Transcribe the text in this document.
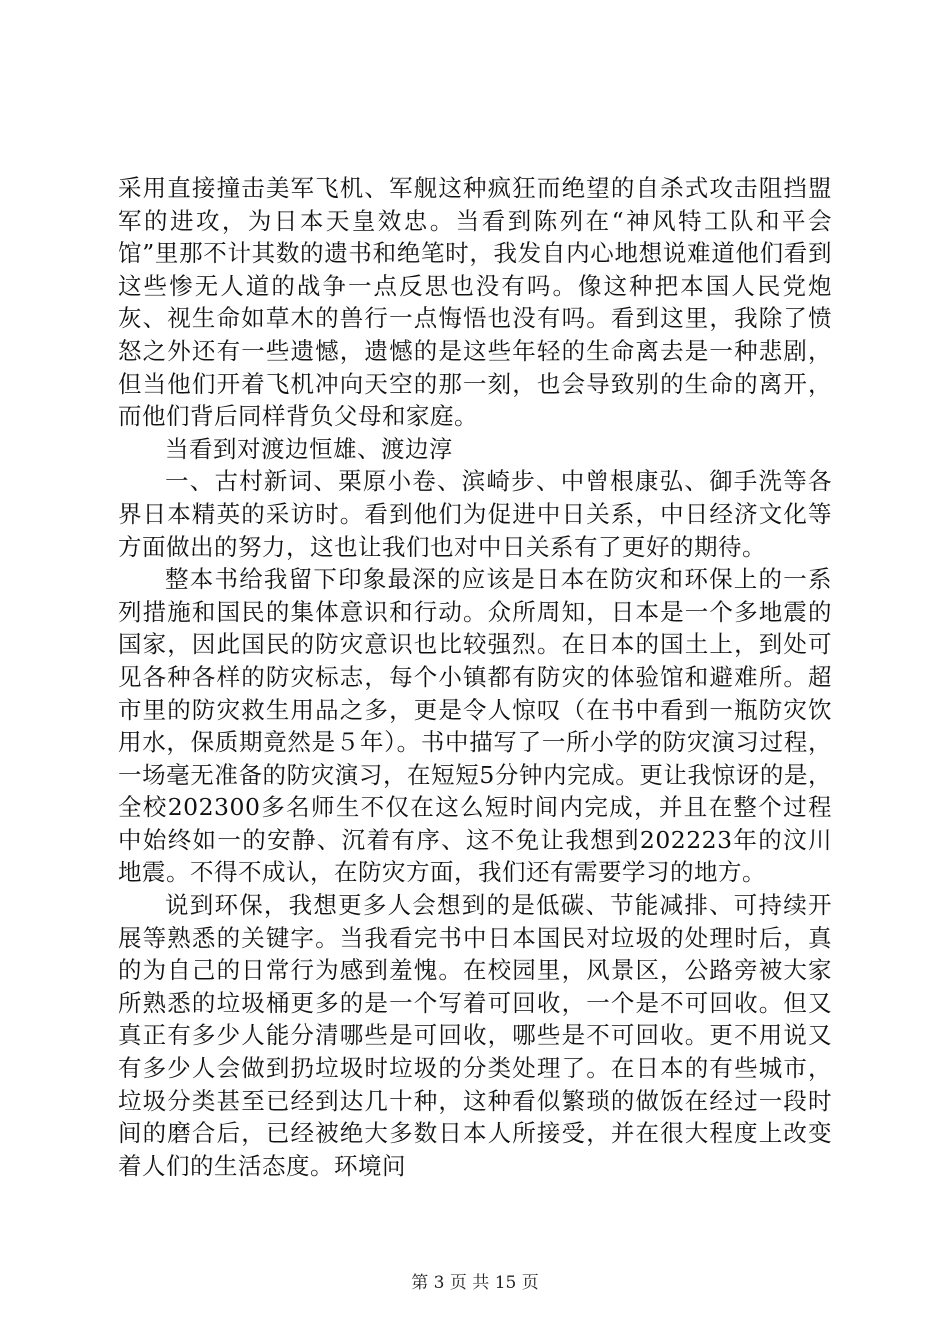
采用直接撞击美军飞机、军舰这种疯狂而绝望的自杀式攻击阻挡盟军的进攻，为日本天皇效忠。当看到陈列在“神风特工队和平会馆”里那不计其数的遗书和绝笔时，我发自内心地想说难道他们看到这些惨无人道的战争一点反思也没有吗。像这种把本国人民党炮灰、视生命如草木的兽行一点悔悟也没有吗。看到这里，我除了愤怒之外还有一些遗憾，遗憾的是这些年轻的生命离去是一种悲剧，但当他们开着飞机冲向天空的那一刻，也会导致别的生命的离开，而他们背后同样背负父母和家庭。

当看到对渡边恒雄、渡边淳

一、古村新词、栗原小卷、滨崎步、中曾根康弘、御手洗等各界日本精英的采访时。看到他们为促进中日关系，中日经济文化等方面做出的努力，这也让我们也对中日关系有了更好的期待。

整本书给我留下印象最深的应该是日本在防灾和环保上的一系列措施和国民的集体意识和行动。众所周知，日本是一个多地震的国家，因此国民的防灾意识也比较强烈。在日本的国土上，到处可见各种各样的防灾标志，每个小镇都有防灾的体验馆和避难所。超市里的防灾救生用品之多，更是令人惊叹（在书中看到一瓶防灾饮用水，保质期竟然是５年）。书中描写了一所小学的防灾演习过程，一场毫无准备的防灾演习，在短短5分钟内完成。更让我惊讶的是，全校202300多名师生不仅在这么短时间内完成，并且在整个过程中始终如一的安静、沉着有序、这不免让我想到202223年的汶川地震。不得不成认，在防灾方面，我们还有需要学习的地方。

说到环保，我想更多人会想到的是低碳、节能减排、可持续开展等熟悉的关键字。当我看完书中日本国民对垃圾的处理时后，真的为自己的日常行为感到羞愧。在校园里，风景区，公路旁被大家所熟悉的垃圾桶更多的是一个写着可回收，一个是不可回收。但又真正有多少人能分清哪些是可回收，哪些是不可回收。更不用说又有多少人会做到扔垃圾时垃圾的分类处理了。在日本的有些城市，垃圾分类甚至已经到达几十种，这种看似繁琐的做饭在经过一段时间的磨合后，已经被绝大多数日本人所接受，并在很大程度上改变着人们的生活态度。环境问

第 3 页 共 15 页
